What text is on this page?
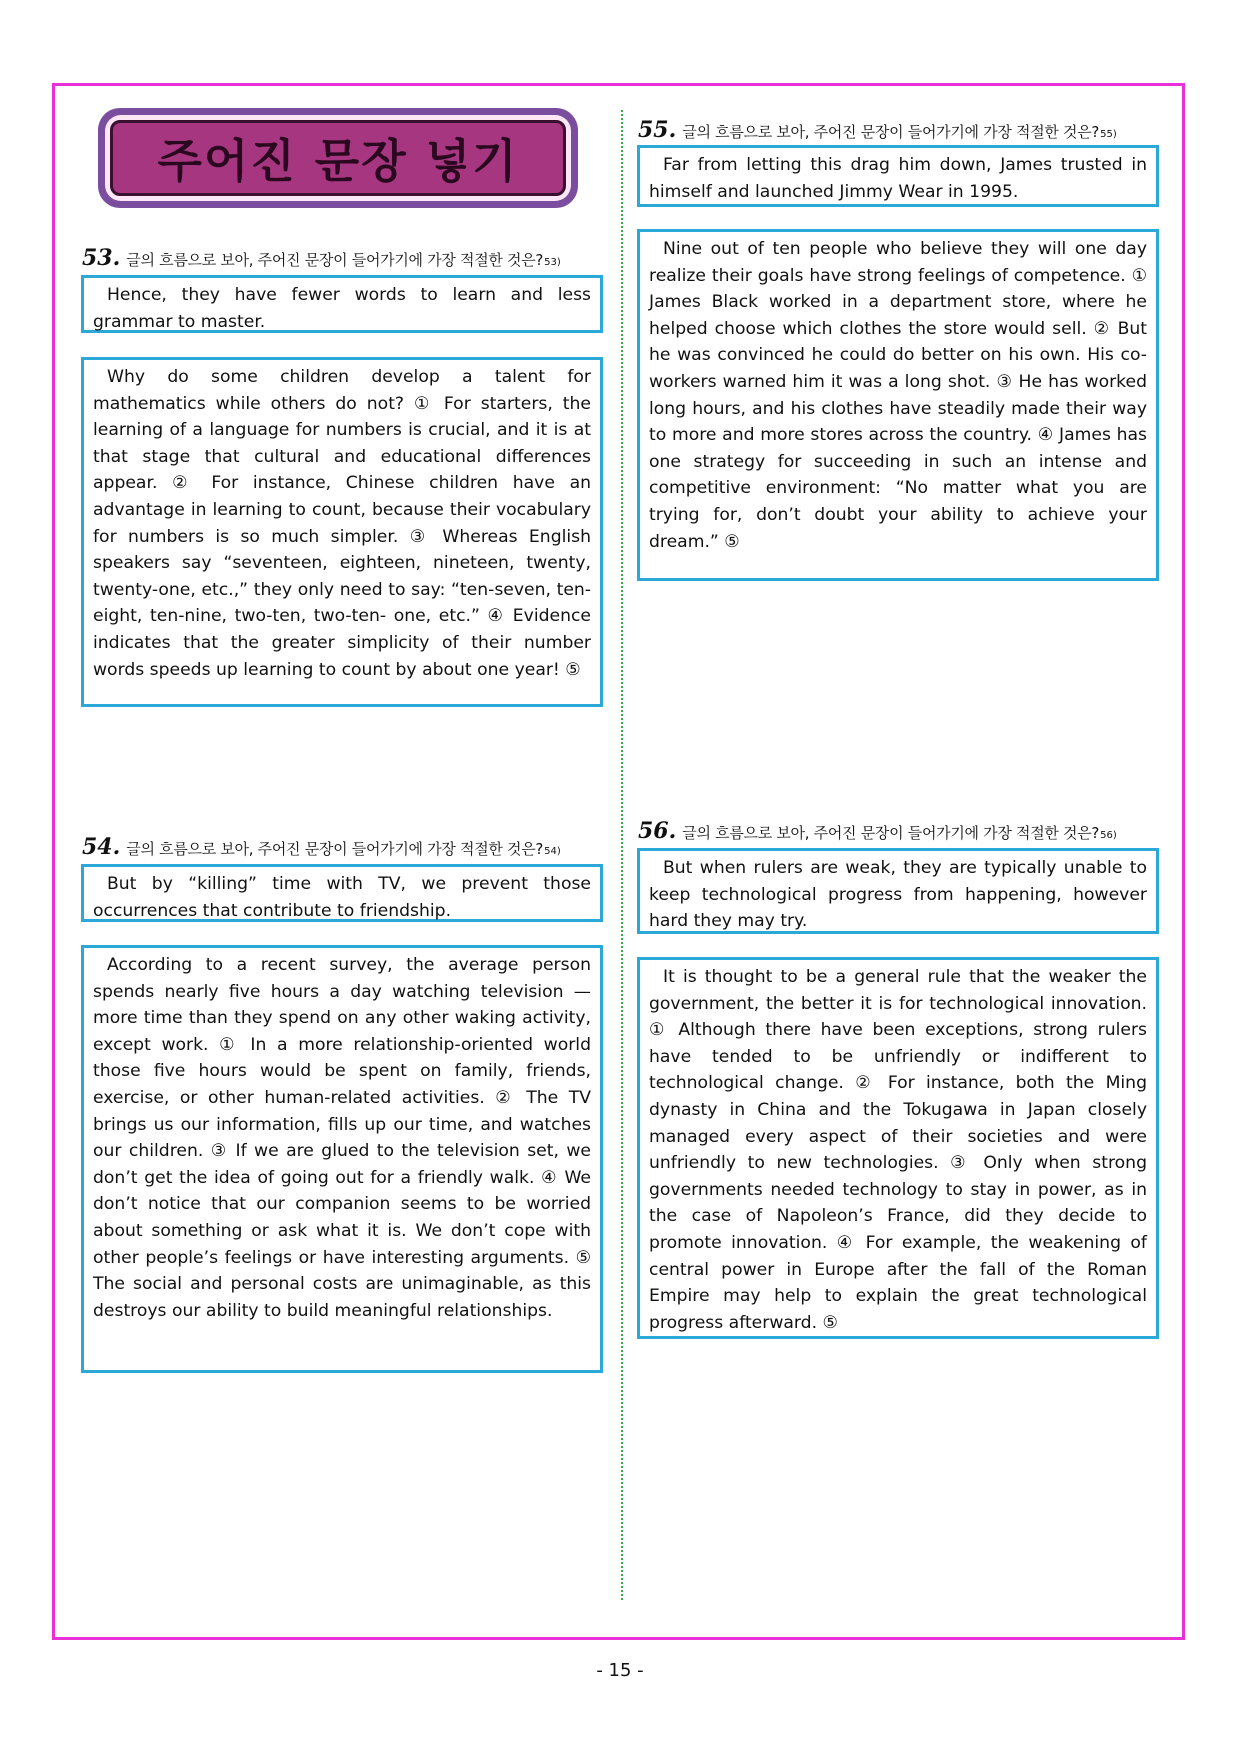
주어진 문장 넣기
53. 글의 흐름으로 보아, 주어진 문장이 들어가기에 가장 적절한 것은? 53)

Hence, they have fewer words to learn and less grammar to master.

Why do some children develop a talent for mathematics while others do not? ① For starters, the learning of a language for numbers is crucial, and it is at that stage that cultural and educational differences appear. ② For instance, Chinese children have an advantage in learning to count, because their vocabulary for numbers is so much simpler. ③ Whereas English speakers say “seventeen, eighteen, nineteen, twenty, twenty-one, etc.,” they only need to say: “ten-seven, ten-eight, ten-nine, two-ten, two-ten- one, etc.” ④ Evidence indicates that the greater simplicity of their number words speeds up learning to count by about one year! ⑤

54. 글의 흐름으로 보아, 주어진 문장이 들어가기에 가장 적절한 것은? 54)

But by “killing” time with TV, we prevent those occurrences that contribute to friendship.

According to a recent survey, the average person spends nearly five hours a day watching television — more time than they spend on any other waking activity, except work. ① In a more relationship-oriented world those five hours would be spent on family, friends, exercise, or other human-related activities. ② The TV brings us our information, fills up our time, and watches our children. ③ If we are glued to the television set, we don’t get the idea of going out for a friendly walk. ④ We don’t notice that our companion seems to be worried about something or ask what it is. We don’t cope with other people’s feelings or have interesting arguments. ⑤ The social and personal costs are unimaginable, as this destroys our ability to build meaningful relationships.

55. 글의 흐름으로 보아, 주어진 문장이 들어가기에 가장 적절한 것은? 55)

Far from letting this drag him down, James trusted in himself and launched Jimmy Wear in 1995.

Nine out of ten people who believe they will one day realize their goals have strong feelings of competence. ① James Black worked in a department store, where he helped choose which clothes the store would sell. ② But he was convinced he could do better on his own. His co-workers warned him it was a long shot. ③ He has worked long hours, and his clothes have steadily made their way to more and more stores across the country. ④ James has one strategy for succeeding in such an intense and competitive environment: “No matter what you are trying for, don’t doubt your ability to achieve your dream.” ⑤

56. 글의 흐름으로 보아, 주어진 문장이 들어가기에 가장 적절한 것은? 56)

But when rulers are weak, they are typically unable to keep technological progress from happening, however hard they may try.

It is thought to be a general rule that the weaker the government, the better it is for technological innovation. ① Although there have been exceptions, strong rulers have tended to be unfriendly or indifferent to technological change. ② For instance, both the Ming dynasty in China and the Tokugawa in Japan closely managed every aspect of their societies and were unfriendly to new technologies. ③ Only when strong governments needed technology to stay in power, as in the case of Napoleon’s France, did they decide to promote innovation. ④ For example, the weakening of central power in Europe after the fall of the Roman Empire may help to explain the great technological progress afterward. ⑤

- 15 -
